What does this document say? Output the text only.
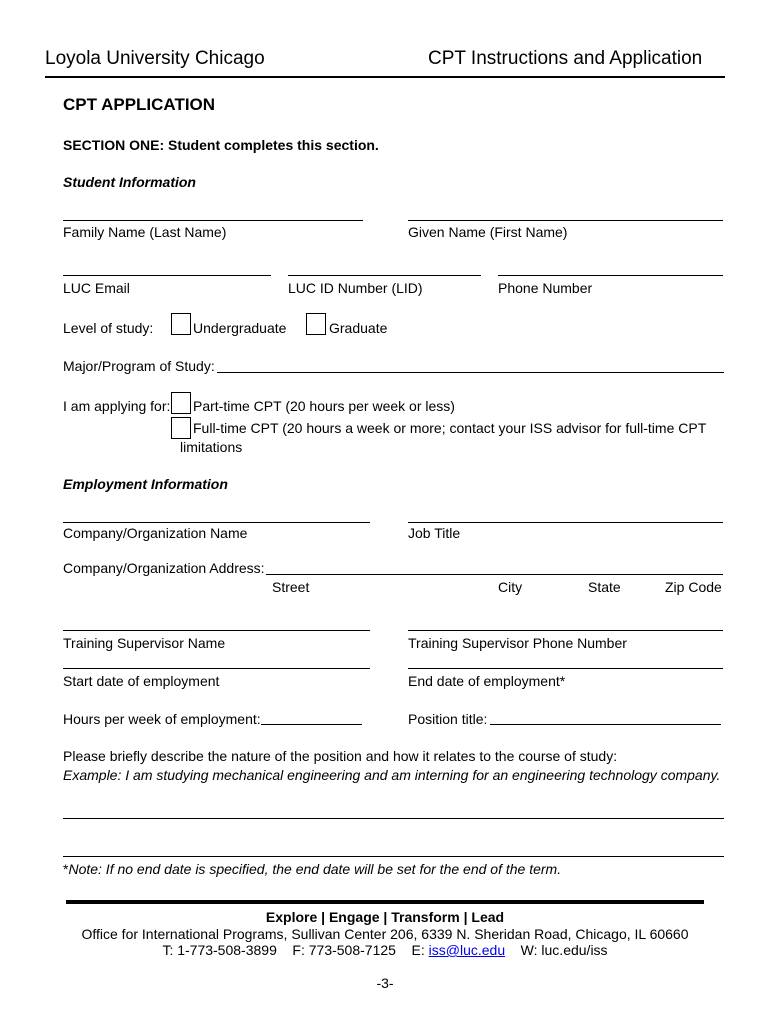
Loyola University Chicago	CPT Instructions and Application
CPT APPLICATION
SECTION ONE: Student completes this section.
Student Information
Family Name (Last Name)	Given Name (First Name)
LUC Email	LUC ID Number (LID)	Phone Number
Level of study:	Undergraduate	Graduate
Major/Program of Study:
I am applying for: Part-time CPT (20 hours per week or less)
Full-time CPT (20 hours a week or more; contact your ISS advisor for full-time CPT
limitations
Employment Information
Company/Organization Name	Job Title
Company/Organization Address:
Street	City	State	Zip Code
Training Supervisor Name	Training Supervisor Phone Number
Start date of employment	End date of employment*
Hours per week of employment:	Position title:
Please briefly describe the nature of the position and how it relates to the course of study:
Example: I am studying mechanical engineering and am interning for an engineering technology company.
*Note: If no end date is specified, the end date will be set for the end of the term.
Explore | Engage | Transform | Lead
Office for International Programs, Sullivan Center 206, 6339 N. Sheridan Road, Chicago, IL 60660
T: 1-773-508-3899 F: 773-508-7125 E: iss@luc.edu W: luc.edu/iss
-3-
